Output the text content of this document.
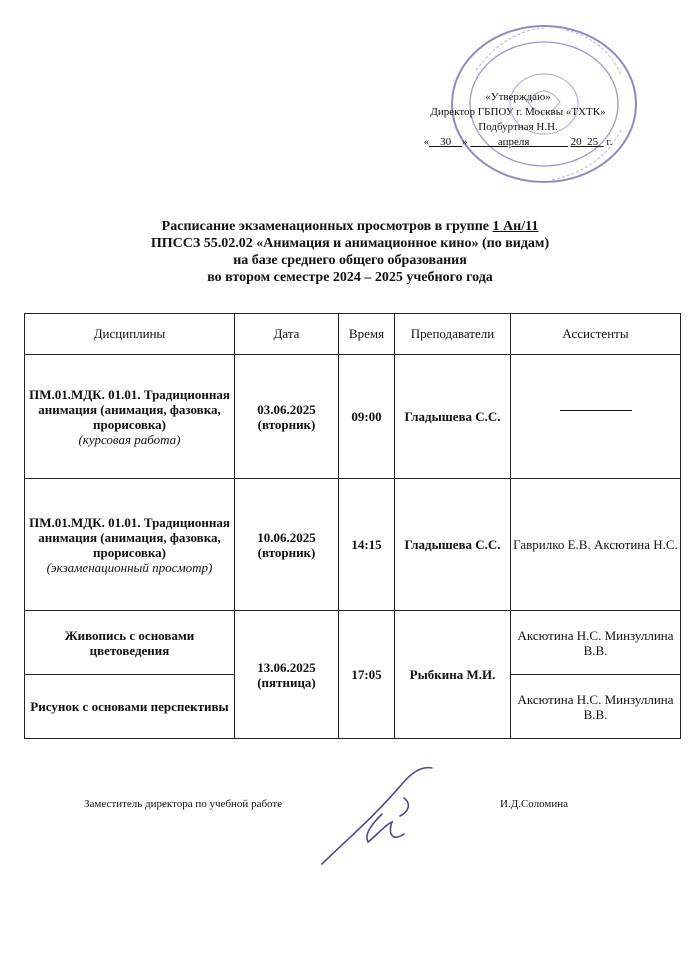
«Утверждаю»
Директор ГБПОУ г. Москвы «ТХТК»
Подбуртная Н.Н.
«__30__» _____апреля_______ 20_25_ г.
Расписание экзаменационных просмотров в группе 1 Ан/11
ППССЗ 55.02.02 «Анимация и анимационное кино» (по видам)
на базе среднего общего образования
во втором семестре 2024 – 2025 учебного года
Дисциплины	Дата	Время	Преподаватели	Ассистенты

ПМ.01.МДК. 01.01. Традиционная анимация (анимация, фазовка, прорисовка)
(курсовая работа)	03.06.2025 (вторник)	09:00	Гладышева С.С.	

ПМ.01.МДК. 01.01. Традиционная анимация (анимация, фазовка, прорисовка)
(экзаменационный просмотр)	10.06.2025 (вторник)	14:15	Гладышева С.С.	Гаврилко Е.В. Аксютина Н.С.
Живопись с основами цветоведения	13.06.2025 (пятница)	17:05	Рыбкина М.И.	Аксютина Н.С. Минзуллина В.В.
Рисунок с основами перспективы				Аксютина Н.С. Минзуллина В.В.
Заместитель директора по учебной работе	И.Д.Соломина
